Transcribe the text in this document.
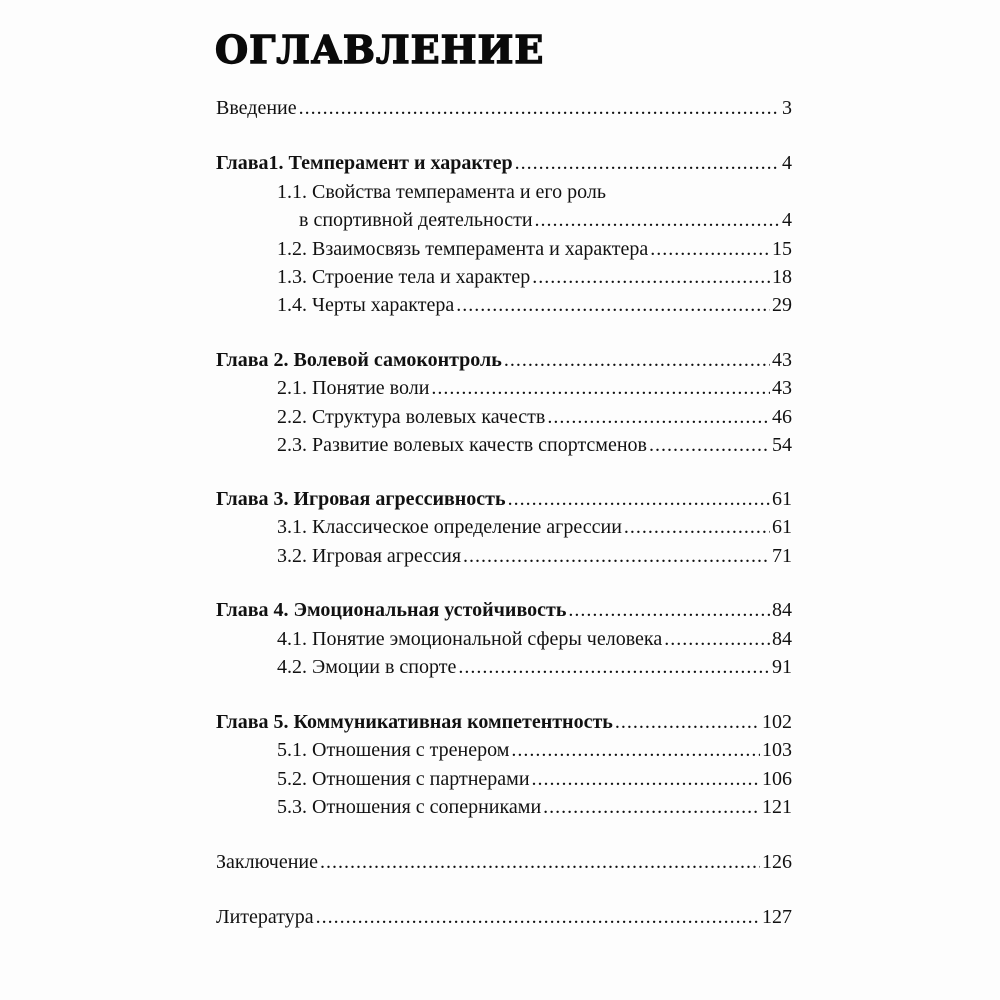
ОГЛАВЛЕНИЕ
Введение .....	3
Глава1. Темперамент и характер .....	4
1.1. Свойства темперамента и его роль
в спортивной деятельности .....	4
1.2. Взаимосвязь темперамента и характера .....	15
1.3. Строение тела и характер .....	18
1.4. Черты характера .....	29
Глава 2. Волевой самоконтроль .....	43
2.1. Понятие воли .....	43
2.2. Структура волевых качеств .....	46
2.3. Развитие волевых качеств спортсменов .....	54
Глава 3. Игровая агрессивность .....	61
3.1. Классическое определение агрессии .....	61
3.2. Игровая агрессия .....	71
Глава 4. Эмоциональная устойчивость .....	84
4.1. Понятие эмоциональной сферы человека .....	84
4.2. Эмоции в спорте .....	91
Глава 5. Коммуникативная компетентность .....	102
5.1. Отношения с тренером .....	103
5.2. Отношения с партнерами .....	106
5.3. Отношения с соперниками .....	121
Заключение .....	126
Литература .....	127
